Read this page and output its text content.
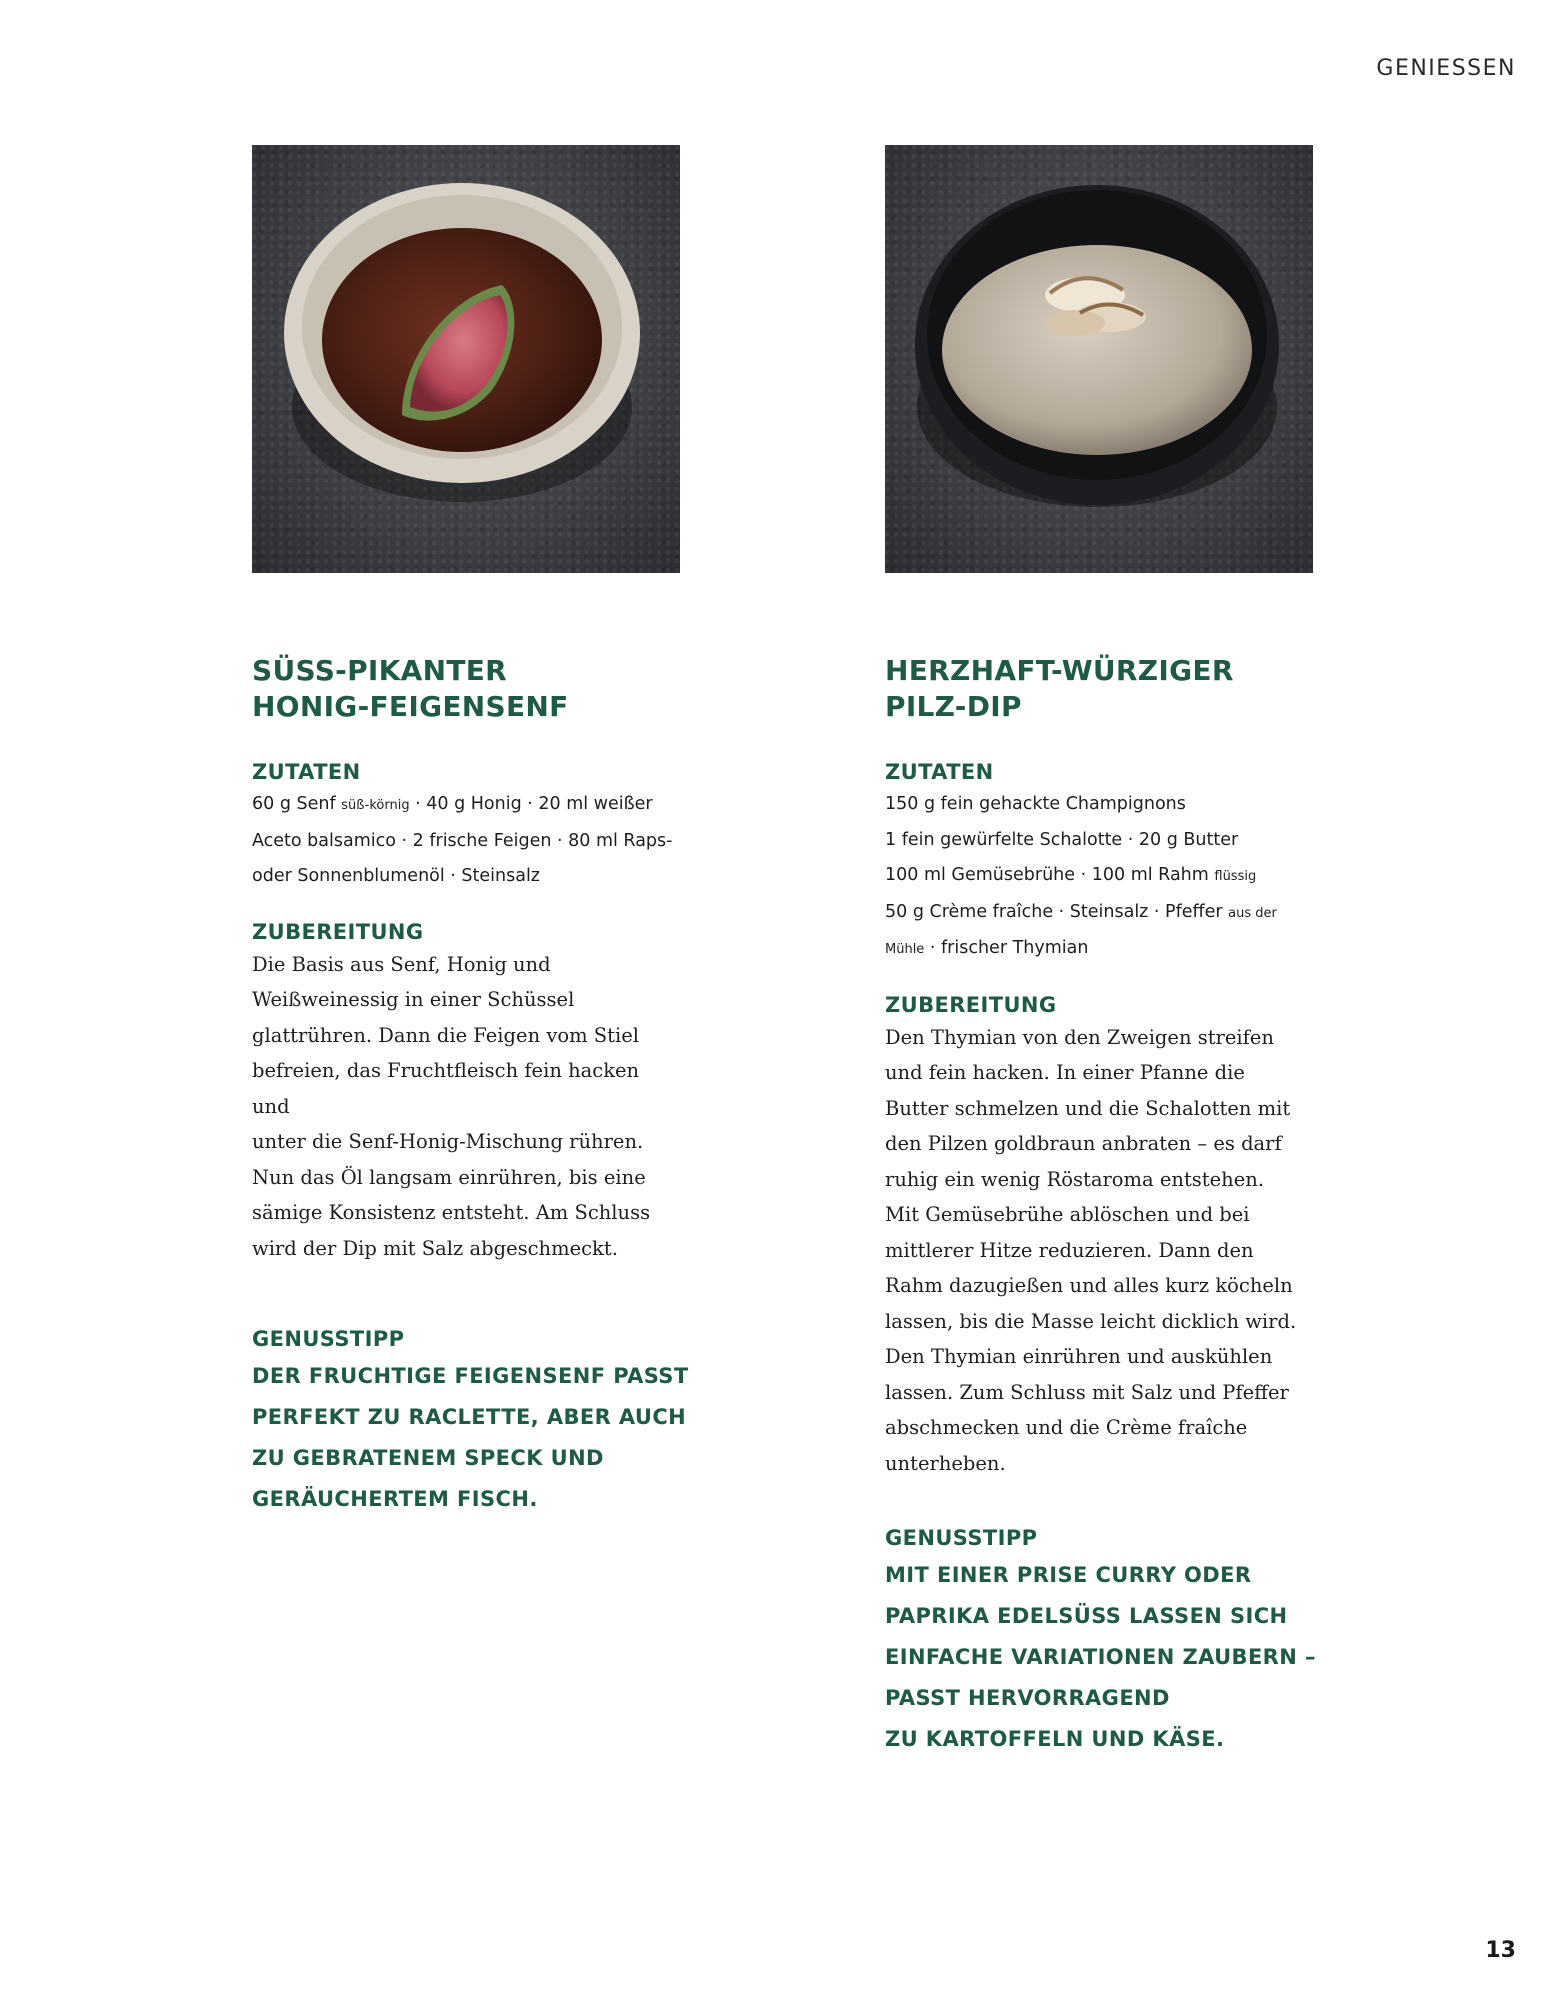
GENIESSEN
SÜSS-PIKANTER
HONIG-FEIGENSENF
ZUTATEN
60 g Senf süß-körnig · 40 g Honig · 20 ml weißer
Aceto balsamico · 2 frische Feigen · 80 ml Raps-
oder Sonnenblumenöl · Steinsalz
ZUBEREITUNG
Die Basis aus Senf, Honig und
Weißweinessig in einer Schüssel
glattrühren. Dann die Feigen vom Stiel
befreien, das Fruchtfleisch fein hacken und
unter die Senf-Honig-Mischung rühren.
Nun das Öl langsam einrühren, bis eine
sämige Konsistenz entsteht. Am Schluss
wird der Dip mit Salz abgeschmeckt.
GENUSSTIPP
DER FRUCHTIGE FEIGENSENF PASST
PERFEKT ZU RACLETTE, ABER AUCH
ZU GEBRATENEM SPECK UND
GERÄUCHERTEM FISCH.
HERZHAFT-WÜRZIGER
PILZ-DIP
ZUTATEN
150 g fein gehackte Champignons
1 fein gewürfelte Schalotte · 20 g Butter
100 ml Gemüsebrühe · 100 ml Rahm flüssig
50 g Crème fraîche · Steinsalz · Pfeffer aus der
Mühle · frischer Thymian
ZUBEREITUNG
Den Thymian von den Zweigen streifen
und fein hacken. In einer Pfanne die
Butter schmelzen und die Schalotten mit
den Pilzen goldbraun anbraten – es darf
ruhig ein wenig Röstaroma entstehen.
Mit Gemüsebrühe ablöschen und bei
mittlerer Hitze reduzieren. Dann den
Rahm dazugießen und alles kurz köcheln
lassen, bis die Masse leicht dicklich wird.
Den Thymian einrühren und auskühlen
lassen. Zum Schluss mit Salz und Pfeffer
abschmecken und die Crème fraîche
unterheben.
GENUSSTIPP
MIT EINER PRISE CURRY ODER
PAPRIKA EDELSÜSS LASSEN SICH
EINFACHE VARIATIONEN ZAUBERN –
PASST HERVORRAGEND
ZU KARTOFFELN UND KÄSE.
13
